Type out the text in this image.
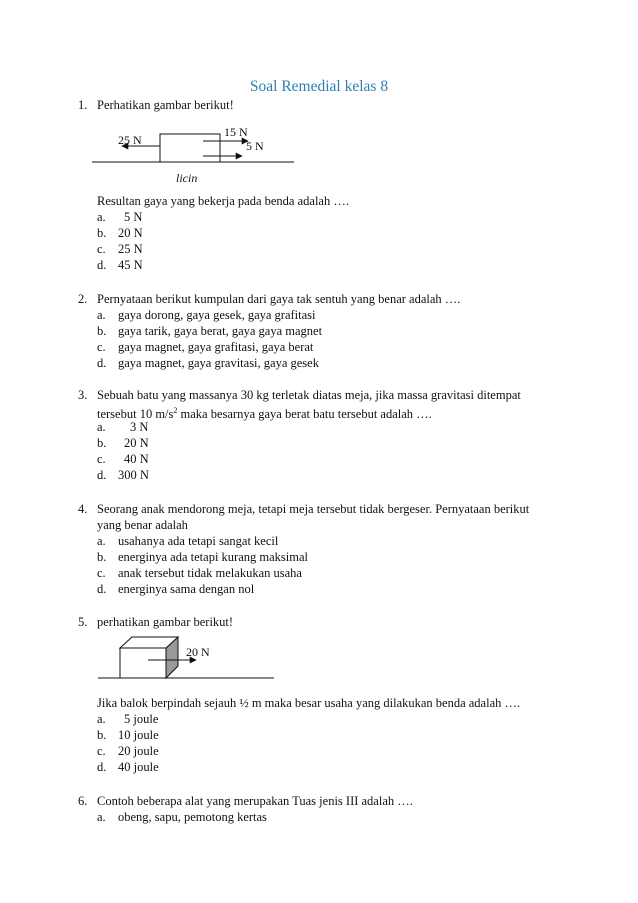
Soal Remedial kelas 8
1. Perhatikan gambar berikut!
25 N
15 N
5 N
licin
Resultan gaya yang bekerja pada benda adalah ….
a. 5 N
b. 20 N
c. 25 N
d. 45 N
2. Pernyataan berikut kumpulan dari gaya tak sentuh yang benar adalah ….
a. gaya dorong, gaya gesek, gaya grafitasi
b. gaya tarik, gaya berat, gaya gaya magnet
c. gaya magnet, gaya grafitasi, gaya berat
d. gaya magnet, gaya gravitasi, gaya gesek
3. Sebuah batu yang massanya 30 kg terletak diatas meja, jika massa gravitasi ditempat
tersebut 10 $m/s^2$ maka besarnya gaya berat batu tersebut adalah ….
a. 3 N
b. 20 N
c. 40 N
d. 300 N
4. Seorang anak mendorong meja, tetapi meja tersebut tidak bergeser. Pernyataan berikut
yang benar adalah
a. usahanya ada tetapi sangat kecil
b. energinya ada tetapi kurang maksimal
c. anak tersebut tidak melakukan usaha
d. energinya sama dengan nol
5. perhatikan gambar berikut!
20 N
Jika balok berpindah sejauh ½ m maka besar usaha yang dilakukan benda adalah ….
a. 5 joule
b. 10 joule
c. 20 joule
d. 40 joule
6. Contoh beberapa alat yang merupakan Tuas jenis III adalah ….
a. obeng, sapu, pemotong kertas
